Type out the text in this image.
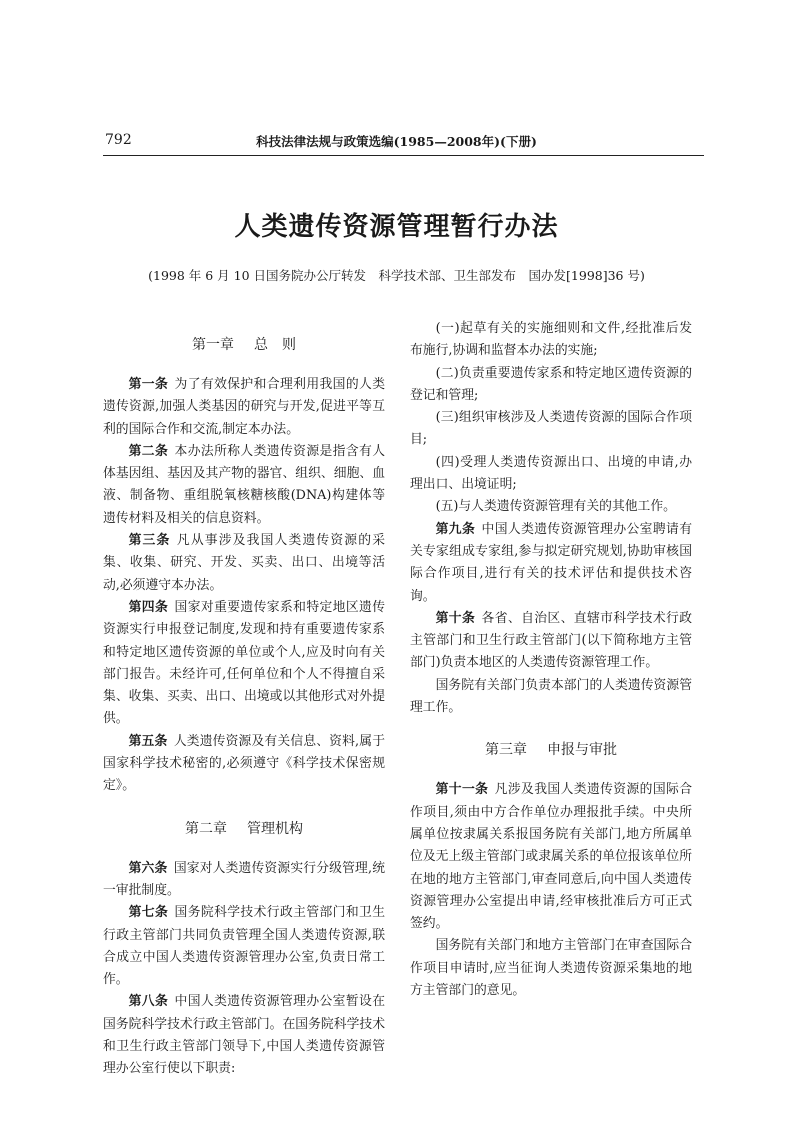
792	科技法律法规与政策选编(1985—2008年)(下册)
人类遗传资源管理暂行办法
(1998 年 6 月 10 日国务院办公厅转发　科学技术部、卫生部发布　国办发[1998]36 号)
第一章 总　则

第一条 为了有效保护和合理利用我国的人类遗传资源,加强人类基因的研究与开发,促进平等互利的国际合作和交流,制定本办法。

第二条 本办法所称人类遗传资源是指含有人体基因组、基因及其产物的器官、组织、细胞、血液、制备物、重组脱氧核糖核酸(DNA)构建体等遗传材料及相关的信息资料。

第三条 凡从事涉及我国人类遗传资源的采集、收集、研究、开发、买卖、出口、出境等活动,必须遵守本办法。

第四条 国家对重要遗传家系和特定地区遗传资源实行申报登记制度,发现和持有重要遗传家系和特定地区遗传资源的单位或个人,应及时向有关部门报告。未经许可,任何单位和个人不得擅自采集、收集、买卖、出口、出境或以其他形式对外提供。

第五条 人类遗传资源及有关信息、资料,属于国家科学技术秘密的,必须遵守《科学技术保密规定》。

第二章 管理机构

第六条 国家对人类遗传资源实行分级管理,统一审批制度。

第七条 国务院科学技术行政主管部门和卫生行政主管部门共同负责管理全国人类遗传资源,联合成立中国人类遗传资源管理办公室,负责日常工作。

第八条 中国人类遗传资源管理办公室暂设在国务院科学技术行政主管部门。在国务院科学技术和卫生行政主管部门领导下,中国人类遗传资源管理办公室行使以下职责:

(一)起草有关的实施细则和文件,经批准后发布施行,协调和监督本办法的实施;

(二)负责重要遗传家系和特定地区遗传资源的登记和管理;

(三)组织审核涉及人类遗传资源的国际合作项目;

(四)受理人类遗传资源出口、出境的申请,办理出口、出境证明;

(五)与人类遗传资源管理有关的其他工作。

第九条 中国人类遗传资源管理办公室聘请有关专家组成专家组,参与拟定研究规划,协助审核国际合作项目,进行有关的技术评估和提供技术咨询。

第十条 各省、自治区、直辖市科学技术行政主管部门和卫生行政主管部门(以下简称地方主管部门)负责本地区的人类遗传资源管理工作。

国务院有关部门负责本部门的人类遗传资源管理工作。

第三章 申报与审批

第十一条 凡涉及我国人类遗传资源的国际合作项目,须由中方合作单位办理报批手续。中央所属单位按隶属关系报国务院有关部门,地方所属单位及无上级主管部门或隶属关系的单位报该单位所在地的地方主管部门,审查同意后,向中国人类遗传资源管理办公室提出申请,经审核批准后方可正式签约。

国务院有关部门和地方主管部门在审查国际合作项目申请时,应当征询人类遗传资源采集地的地方主管部门的意见。
